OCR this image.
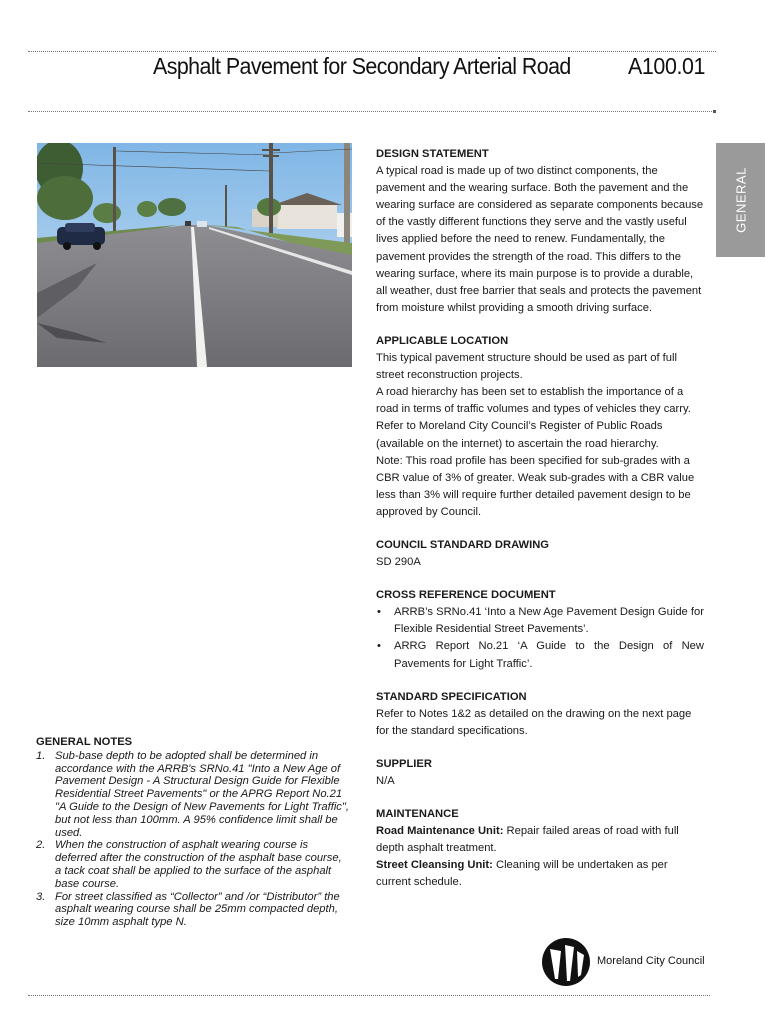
Asphalt Pavement for Secondary Arterial Road A100.01
GENERAL
DESIGN STATEMENT

A typical road is made up of two distinct components, the pavement and the wearing surface. Both the pavement and the wearing surface are considered as separate components because of the vastly different functions they serve and the vastly useful lives applied before the need to renew. Fundamentally, the pavement provides the strength of the road. This differs to the wearing surface, where its main purpose is to provide a durable, all weather, dust free barrier that seals and protects the pavement from moisture whilst providing a smooth driving surface.

APPLICABLE LOCATION

This typical pavement structure should be used as part of full street reconstruction projects.

A road hierarchy has been set to establish the importance of a road in terms of traffic volumes and types of vehicles they carry. Refer to Moreland City Council’s Register of Public Roads (available on the internet) to ascertain the road hierarchy.

Note: This road profile has been specified for sub-grades with a CBR value of 3% of greater. Weak sub-grades with a CBR value less than 3% will require further detailed pavement design to be approved by Council.

COUNCIL STANDARD DRAWING

SD 290A

CROSS REFERENCE DOCUMENT
• ARRB’s SRNo.41 ‘Into a New Age Pavement Design Guide for Flexible Residential Street Pavements’.
• ARRG Report No.21 ‘A Guide to the Design of New Pavements for Light Traffic’.
STANDARD SPECIFICATION

Refer to Notes 1&2 as detailed on the drawing on the next page for the standard specifications.

SUPPLIER

N/A

MAINTENANCE

Road Maintenance Unit: Repair failed areas of road with full depth asphalt treatment.

Street Cleansing Unit: Cleaning will be undertaken as per current schedule.

GENERAL NOTES
1. Sub-base depth to be adopted shall be determined in accordance with the ARRB's SRNo.41 "Into a New Age of Pavement Design - A Structural Design Guide for Flexible Residential Street Pavements" or the APRG Report No.21 "A Guide to the Design of New Pavements for Light Traffic", but not less than 100mm. A 95% confidence limit shall be used.
2. When the construction of asphalt wearing course is deferred after the construction of the asphalt base course, a tack coat shall be applied to the surface of the asphalt base course.
3. For street classified as “Collector” and /or “Distributor” the asphalt wearing course shall be 25mm compacted depth, size 10mm asphalt type N.
Moreland City Council
